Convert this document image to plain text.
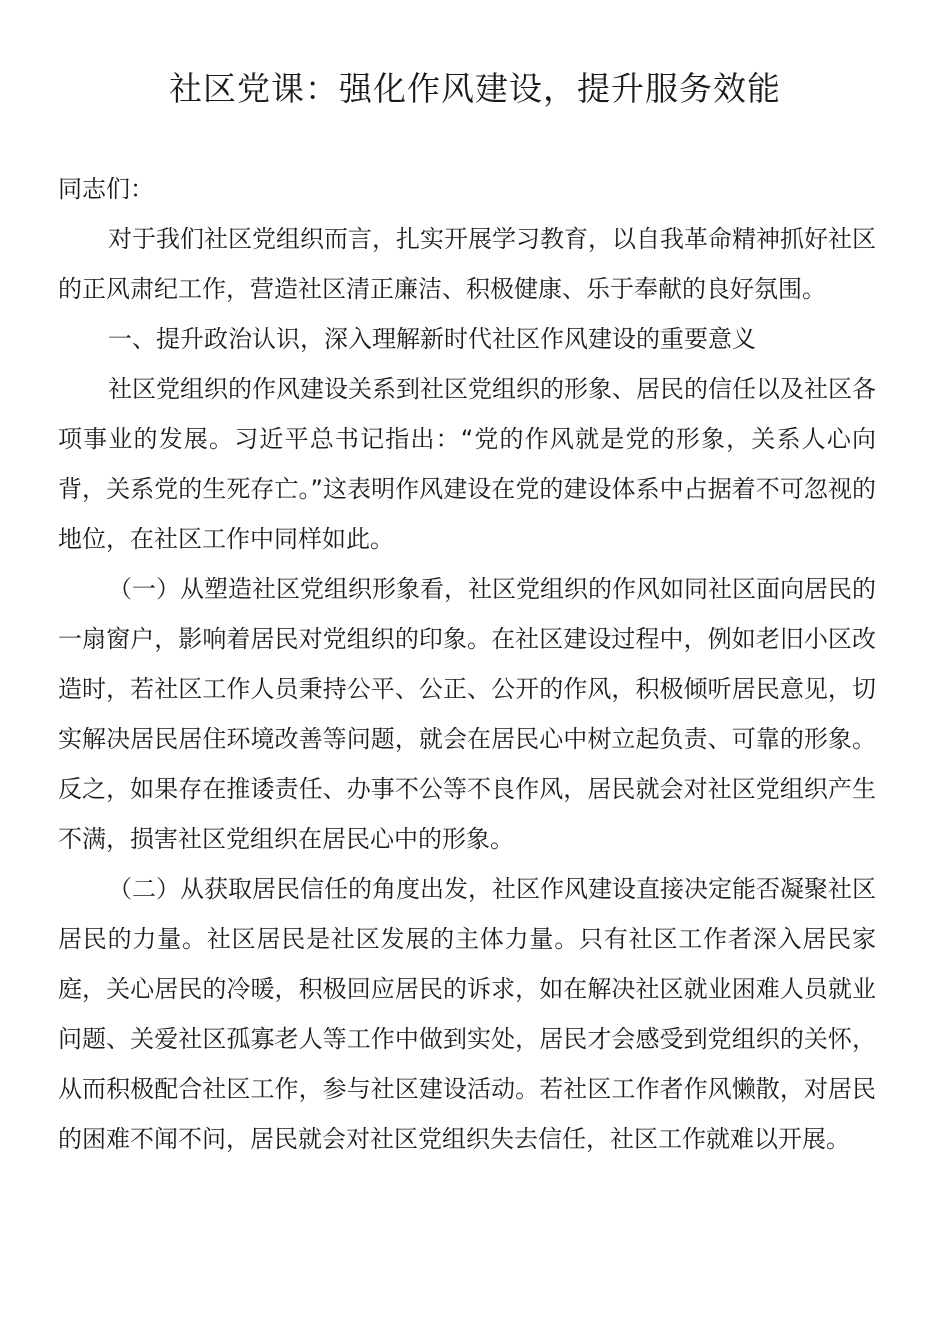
社区党课：强化作风建设，提升服务效能

同志们：

对于我们社区党组织而言，扎实开展学习教育，以自我革命精神抓好社区的正风肃纪工作，营造社区清正廉洁、积极健康、乐于奉献的良好氛围。

一、提升政治认识，深入理解新时代社区作风建设的重要意义

社区党组织的作风建设关系到社区党组织的形象、居民的信任以及社区各项事业的发展。习近平总书记指出：“党的作风就是党的形象，关系人心向背，关系党的生死存亡。”这表明作风建设在党的建设体系中占据着不可忽视的地位，在社区工作中同样如此。

（一）从塑造社区党组织形象看，社区党组织的作风如同社区面向居民的一扇窗户，影响着居民对党组织的印象。在社区建设过程中，例如老旧小区改造时，若社区工作人员秉持公平、公正、公开的作风，积极倾听居民意见，切实解决居民居住环境改善等问题，就会在居民心中树立起负责、可靠的形象。反之，如果存在推诿责任、办事不公等不良作风，居民就会对社区党组织产生不满，损害社区党组织在居民心中的形象。

（二）从获取居民信任的角度出发，社区作风建设直接决定能否凝聚社区居民的力量。社区居民是社区发展的主体力量。只有社区工作者深入居民家庭，关心居民的冷暖，积极回应居民的诉求，如在解决社区就业困难人员就业问题、关爱社区孤寡老人等工作中做到实处，居民才会感受到党组织的关怀，从而积极配合社区工作，参与社区建设活动。若社区工作者作风懒散，对居民的困难不闻不问，居民就会对社区党组织失去信任，社区工作就难以开展。
